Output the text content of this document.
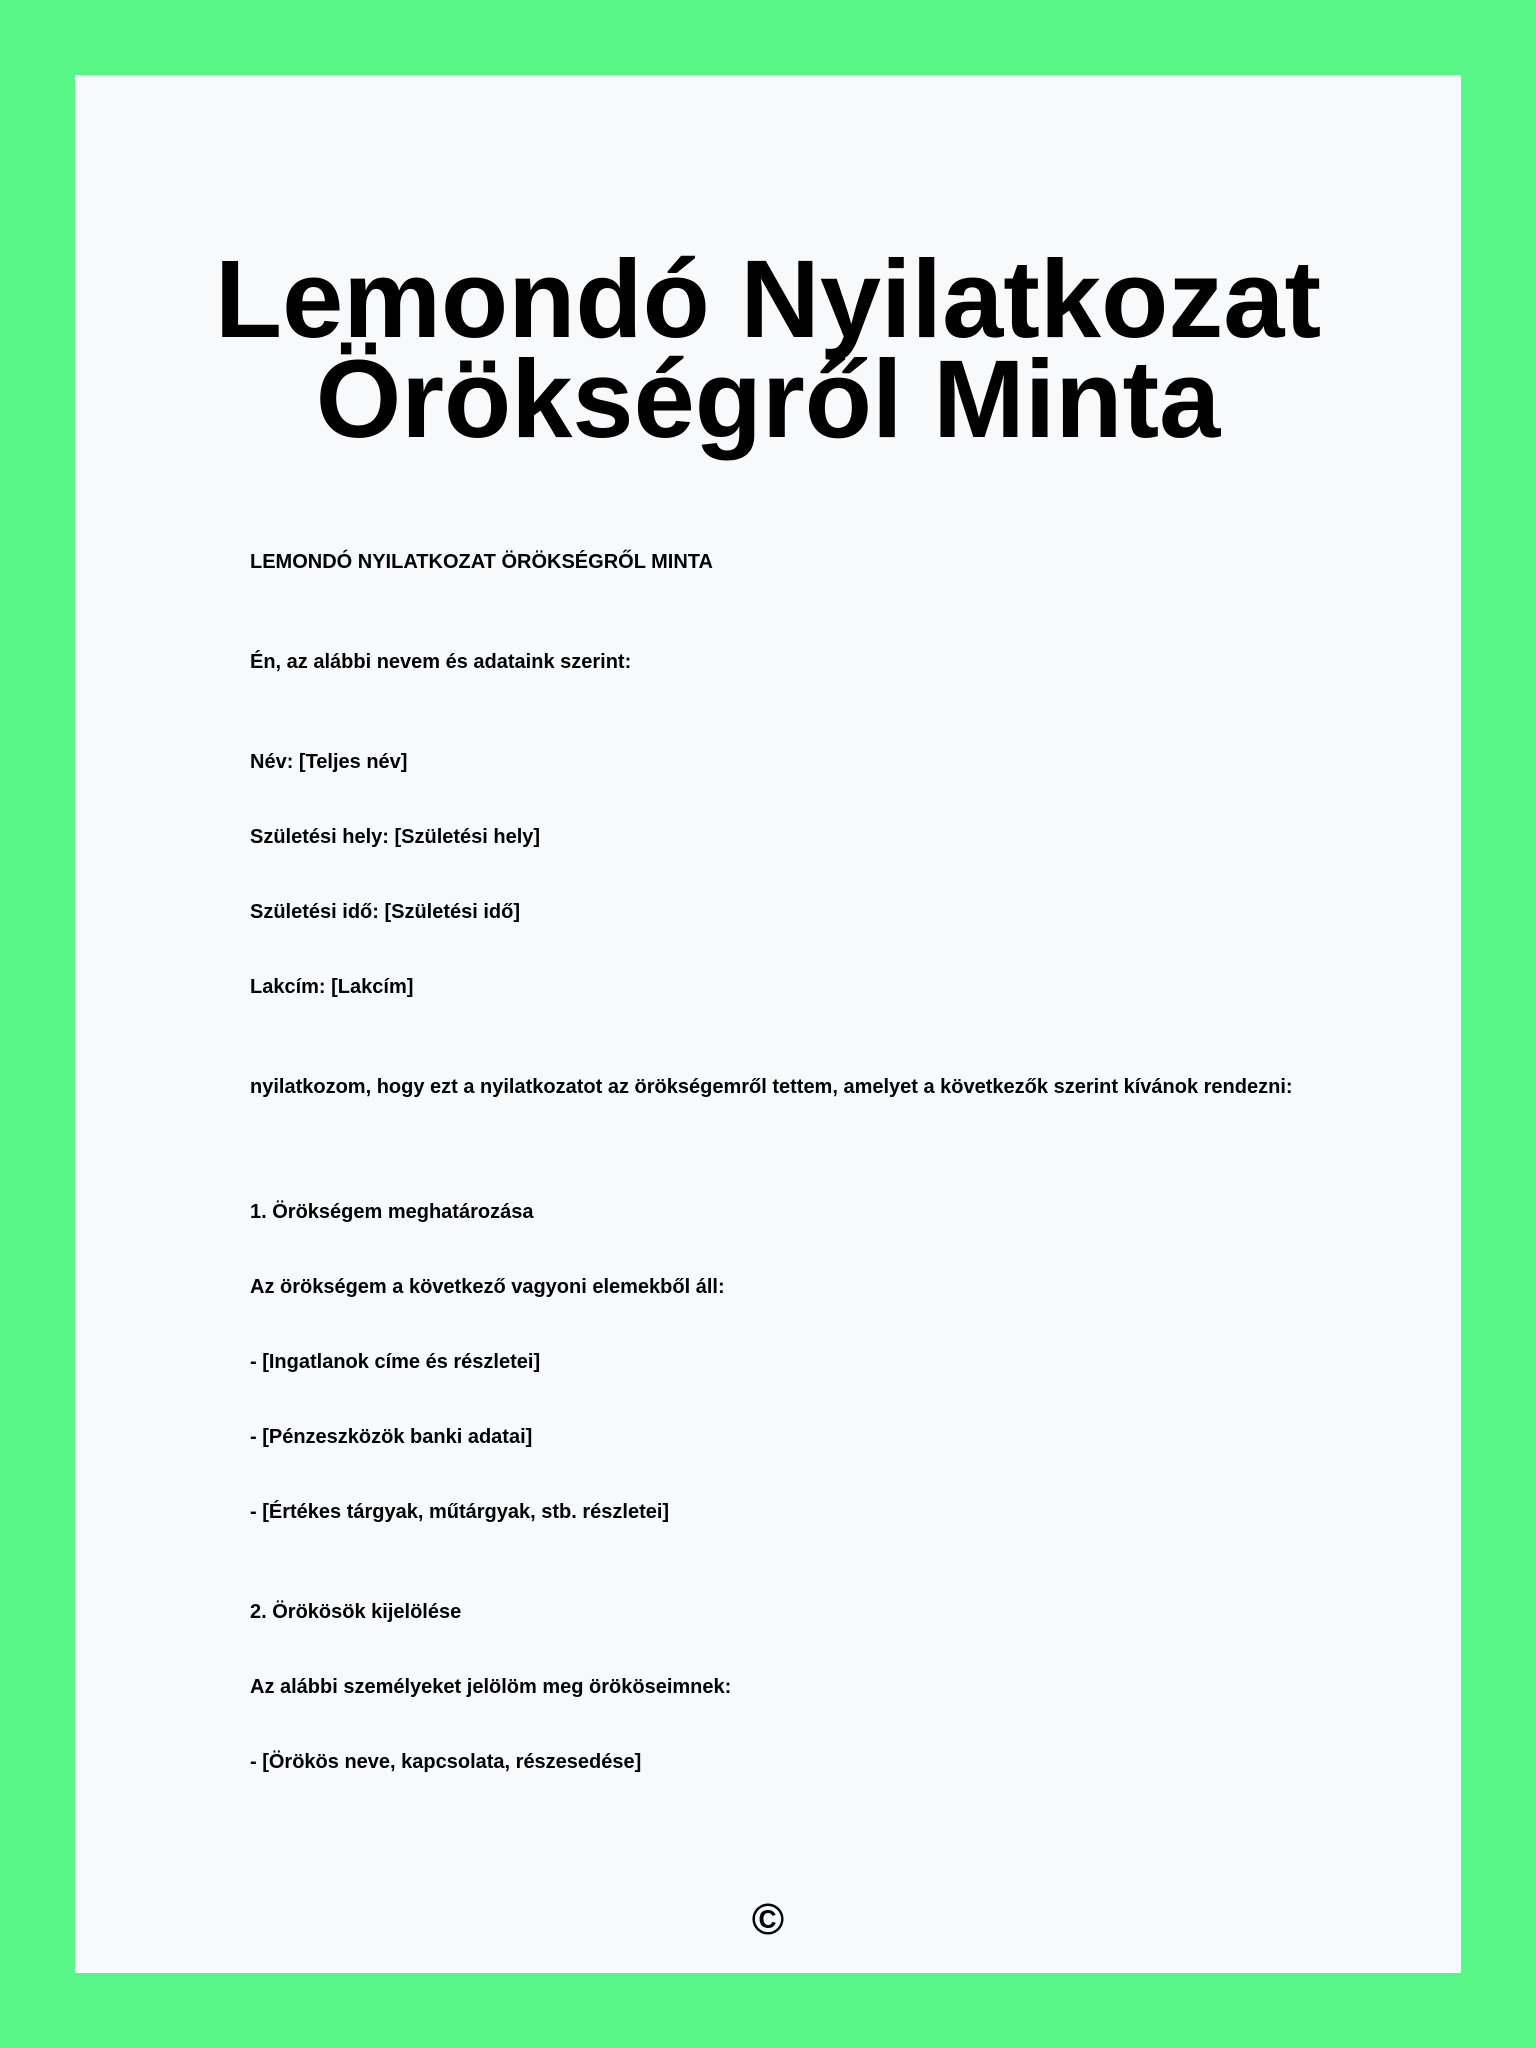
Lemondó Nyilatkozat
Örökségről Minta

LEMONDÓ NYILATKOZAT ÖRÖKSÉGRŐL MINTA

Én, az alábbi nevem és adataink szerint:

Név: [Teljes név]

Születési hely: [Születési hely]

Születési idő: [Születési idő]

Lakcím: [Lakcím]

nyilatkozom, hogy ezt a nyilatkozatot az örökségemről tettem, amelyet a következők szerint kívánok rendezni:

1. Örökségem meghatározása

Az örökségem a következő vagyoni elemekből áll:

- [Ingatlanok címe és részletei]

- [Pénzeszközök banki adatai]

- [Értékes tárgyak, műtárgyak, stb. részletei]

2. Örökösök kijelölése

Az alábbi személyeket jelölöm meg örököseimnek:

- [Örökös neve, kapcsolata, részesedése]

©
